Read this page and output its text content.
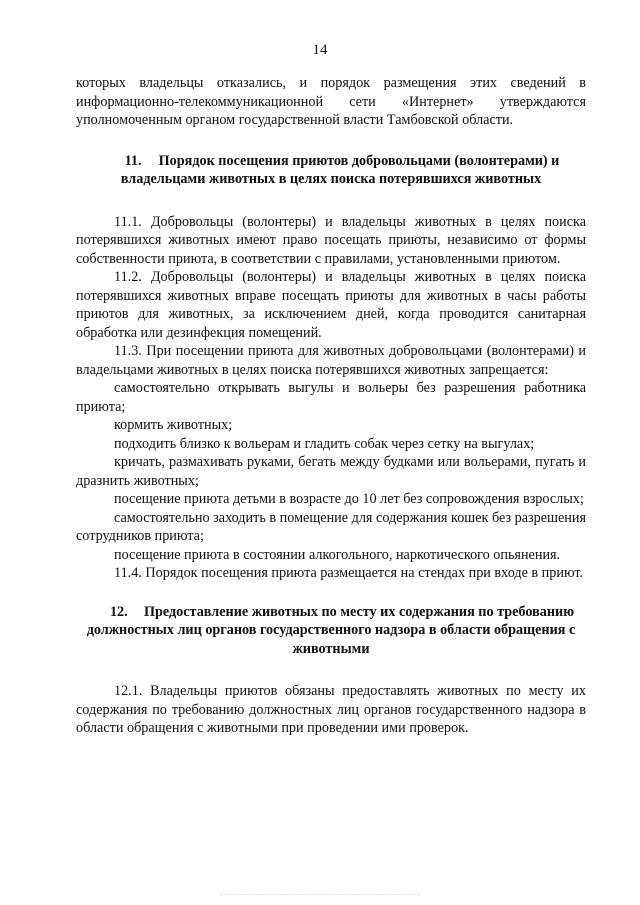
14

которых владельцы отказались, и порядок размещения этих сведений в информационно-телекоммуникационной сети «Интернет» утверждаются уполномоченным органом государственной власти Тамбовской области.

11. Порядок посещения приютов добровольцами (волонтерами) и владельцами животных в целях поиска потерявшихся животных

11.1. Добровольцы (волонтеры) и владельцы животных в целях поиска потерявшихся животных имеют право посещать приюты, независимо от формы собственности приюта, в соответствии с правилами, установленными приютом.

11.2. Добровольцы (волонтеры) и владельцы животных в целях поиска потерявшихся животных вправе посещать приюты для животных в часы работы приютов для животных, за исключением дней, когда проводится санитарная обработка или дезинфекция помещений.

11.3. При посещении приюта для животных добровольцами (волонтерами) и владельцами животных в целях поиска потерявшихся животных запрещается:

самостоятельно открывать выгулы и вольеры без разрешения работника приюта;

кормить животных;

подходить близко к вольерам и гладить собак через сетку на выгулах;

кричать, размахивать руками, бегать между будками или вольерами, пугать и дразнить животных;

посещение приюта детьми в возрасте до 10 лет без сопровождения взрослых;

самостоятельно заходить в помещение для содержания кошек без разрешения сотрудников приюта;

посещение приюта в состоянии алкогольного, наркотического опьянения.

11.4. Порядок посещения приюта размещается на стендах при входе в приют.

12. Предоставление животных по месту их содержания по требованию должностных лиц органов государственного надзора в области обращения с животными

12.1. Владельцы приютов обязаны предоставлять животных по месту их содержания по требованию должностных лиц органов государственного надзора в области обращения с животными при проведении ими проверок.
